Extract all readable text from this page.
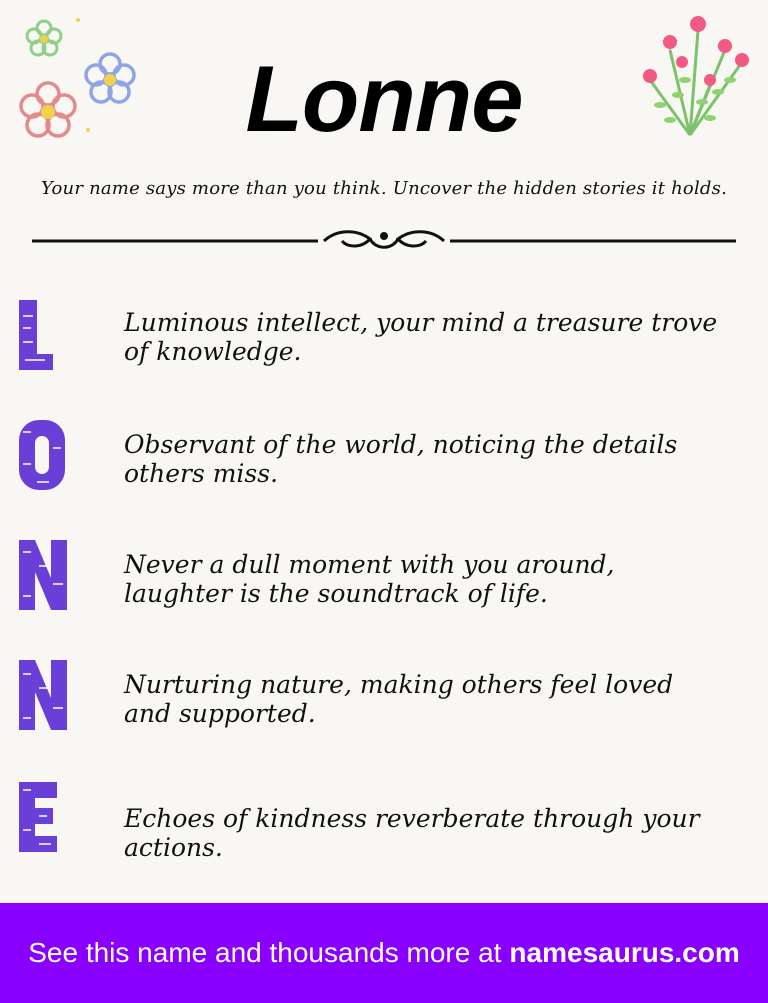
Lonne
Your name says more than you think. Uncover the hidden stories it holds.
Luminous intellect, your mind a treasure trove of knowledge.
Observant of the world, noticing the details others miss.
Never a dull moment with you around, laughter is the soundtrack of life.
Nurturing nature, making others feel loved and supported.
Echoes of kindness reverberate through your actions.
See this name and thousands more at namesaurus.com
